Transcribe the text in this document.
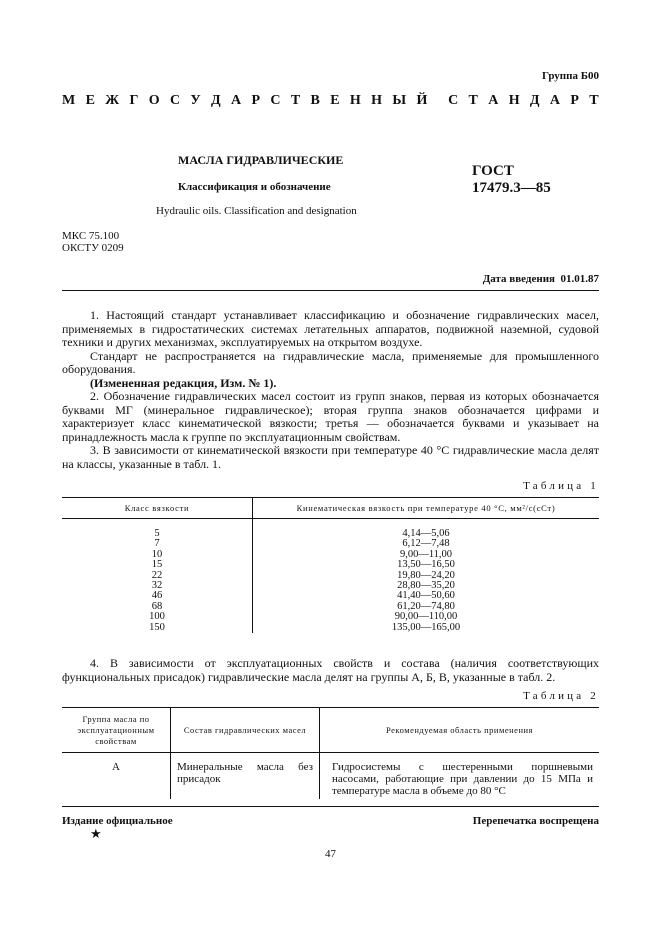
Группа Б00
М Е Ж Г О С У Д А Р С Т В Е Н Н Ы Й С Т А Н Д А Р Т
МАСЛА ГИДРАВЛИЧЕСКИЕ
Классификация и обозначение
ГОСТ
17479.3—85
Hydraulic oils. Classification and designation
МКС 75.100
ОКСТУ 0209
Дата введения 01.01.87

1. Настоящий стандарт устанавливает классификацию и обозначение гидравлических масел, применяемых в гидростатических системах летательных аппаратов, подвижной наземной, судовой техники и других механизмах, эксплуатируемых на открытом воздухе.

Стандарт не распространяется на гидравлические масла, применяемые для промышленного оборудования.

(Измененная редакция, Изм. № 1).

2. Обозначение гидравлических масел состоит из групп знаков, первая из которых обозначается буквами МГ (минеральное гидравлическое); вторая группа знаков обозначается цифрами и характеризует класс кинематической вязкости; третья — обозначается буквами и указывает на принадлежность масла к группе по эксплуатационным свойствам.

3. В зависимости от кинематической вязкости при температуре 40 °С гидравлические масла делят на классы, указанные в табл. 1.

Таблица 1
Класс вязкости	Кинематическая вязкость при температуре 40 °С, мм²/с(сСт)

5	4,14—5,06
7	6,12—7,48
10	9,00—11,00
15	13,50—16,50
22	19,80—24,20
32	28,80—35,20
46	41,40—50,60
68	61,20—74,80
100	90,00—110,00
150	135,00—165,00

4. В зависимости от эксплуатационных свойств и состава (наличия соответствующих функциональных присадок) гидравлические масла делят на группы А, Б, В, указанные в табл. 2.

Таблица 2
Группа масла по эксплуатационным свойствам	Состав гидравлических масел	Рекомендуемая область применения
А	Минеральные масла без присадок	Гидросистемы с шестеренными поршневыми насосами, работающие при давлении до 15 МПа и температуре масла в объеме до 80 °С
Издание официальное	Перепечатка воспрещена
★
47
